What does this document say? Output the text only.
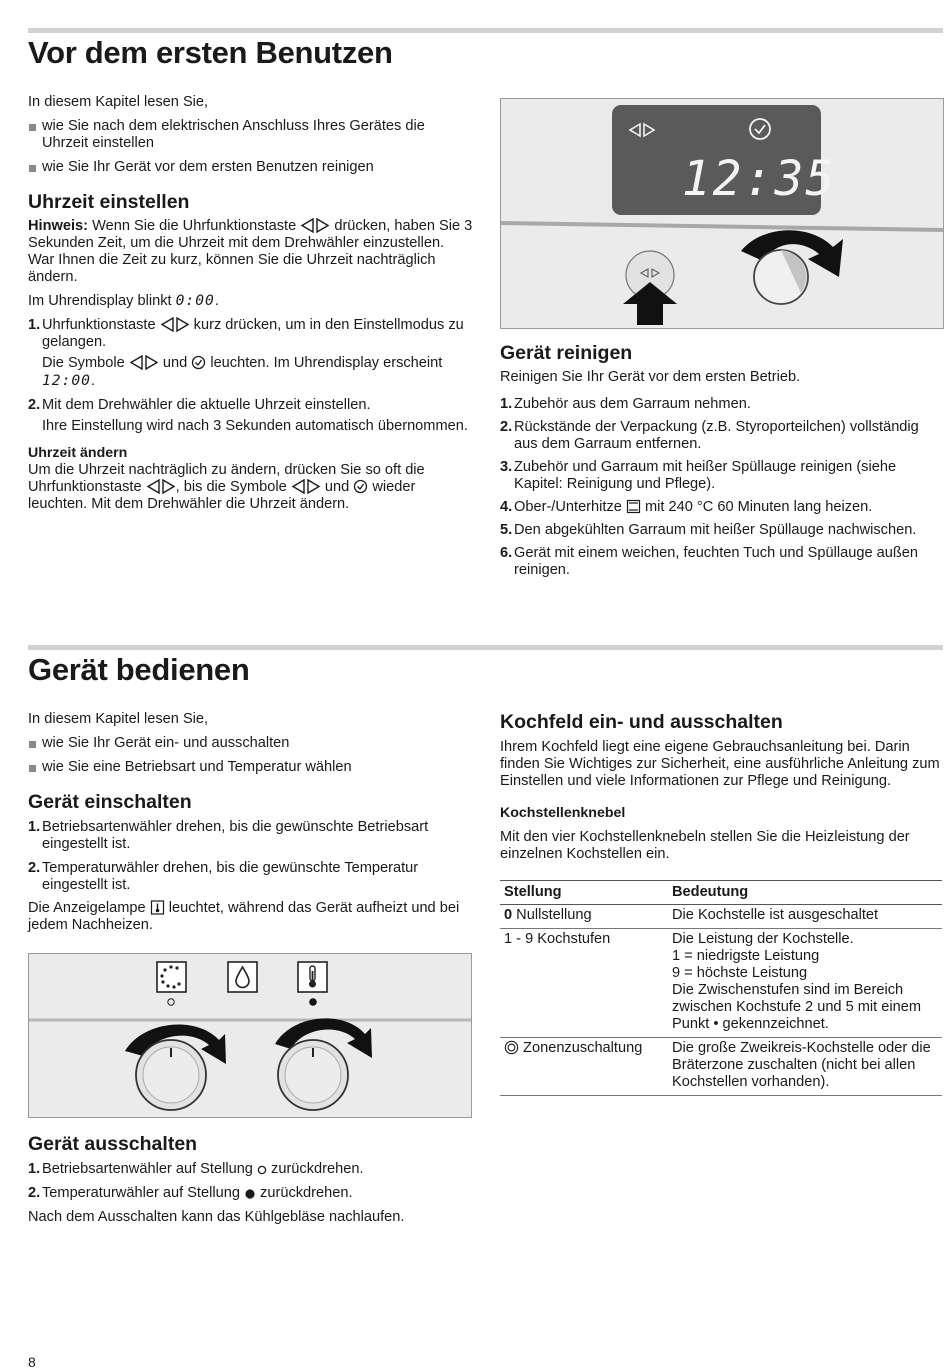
Vor dem ersten Benutzen

In diesem Kapitel lesen Sie,

wie Sie nach dem elektrischen Anschluss Ihres Gerätes die Uhrzeit einstellen

wie Sie Ihr Gerät vor dem ersten Benutzen reinigen

Uhrzeit einstellen

Hinweis: Wenn Sie die Uhrfunktionstaste  drücken, haben Sie 3 Sekunden Zeit, um die Uhrzeit mit dem Drehwähler einzustellen. War Ihnen die Zeit zu kurz, können Sie die Uhrzeit nachträglich ändern.

Im Uhrendisplay blinkt 0:00.

1. Uhrfunktionstaste  kurz drücken, um in den Einstellmodus zu gelangen.

Die Symbole  und  leuchten. Im Uhrendisplay erscheint 12:00.

2. Mit dem Drehwähler die aktuelle Uhrzeit einstellen.

Ihre Einstellung wird nach 3 Sekunden automatisch übernommen.

Uhrzeit ändern

Um die Uhrzeit nachträglich zu ändern, drücken Sie so oft die Uhrfunktionstaste , bis die Symbole  und  wieder leuchten. Mit dem Drehwähler die Uhrzeit ändern.

12:35
Gerät reinigen

Reinigen Sie Ihr Gerät vor dem ersten Betrieb.

1. Zubehör aus dem Garraum nehmen.
2. Rückstände der Verpackung (z.B. Styroporteilchen) vollständig aus dem Garraum entfernen.
3. Zubehör und Garraum mit heißer Spüllauge reinigen (siehe Kapitel: Reinigung und Pflege).
4. Ober-/Unterhitze  mit 240 °C 60 Minuten lang heizen.
5. Den abgekühlten Garraum mit heißer Spüllauge nachwischen.
6. Gerät mit einem weichen, feuchten Tuch und Spüllauge außen reinigen.
Gerät bedienen

In diesem Kapitel lesen Sie,

wie Sie Ihr Gerät ein- und ausschalten

wie Sie eine Betriebsart und Temperatur wählen

Gerät einschalten
1. Betriebsartenwähler drehen, bis die gewünschte Betriebsart eingestellt ist.
2. Temperaturwähler drehen, bis die gewünschte Temperatur eingestellt ist.

Die Anzeigelampe  leuchtet, während das Gerät aufheizt und bei jedem Nachheizen.

Gerät ausschalten
1. Betriebsartenwähler auf Stellung  zurückdrehen.
2. Temperaturwähler auf Stellung  zurückdrehen.

Nach dem Ausschalten kann das Kühlgebläse nachlaufen.

Kochfeld ein- und ausschalten

Ihrem Kochfeld liegt eine eigene Gebrauchsanleitung bei. Darin finden Sie Wichtiges zur Sicherheit, eine ausführliche Anleitung zum Einstellen und viele Informationen zur Pflege und Reinigung.

Kochstellenknebel

Mit den vier Kochstellenknebeln stellen Sie die Heizleistung der einzelnen Kochstellen ein.

Stellung	Bedeutung
0 Nullstellung	Die Kochstelle ist ausgeschaltet
1 - 9 Kochstufen	Die Leistung der Kochstelle.
1 = niedrigste Leistung
9 = höchste Leistung
Die Zwischenstufen sind im Bereich zwischen Kochstufe 2 und 5 mit einem Punkt • gekennzeichnet.

Zonenzuschaltung	Die große Zweikreis-Kochstelle oder die Bräterzone zuschalten (nicht bei allen Kochstellen vorhanden).
8
